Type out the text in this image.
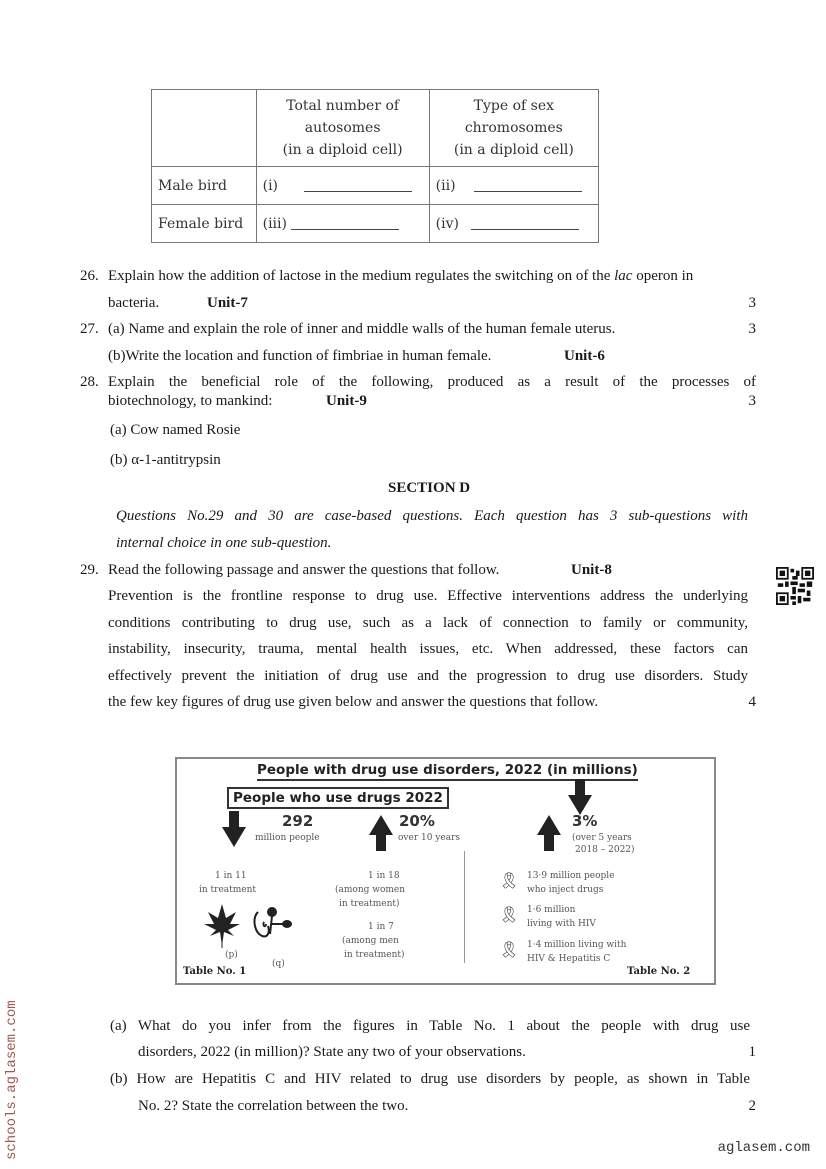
	Total number of
autosomes
(in a diploid cell)	Type of sex
chromosomes
(in a diploid cell)
Male bird	(i)	(ii)
Female bird	(iii)	(iv)
26. Explain how the addition of lactose in the medium regulates the switching on of the lac operon in
bacteria.	Unit-7	3
27. (a) Name and explain the role of inner and middle walls of the human female uterus.	3
(b)Write the location and function of fimbriae in human female.	Unit-6
28. Explain the beneficial role of the following, produced as a result of the processes of
biotechnology, to mankind:	Unit-9	3
(a) Cow named Rosie
(b) α-1-antitrypsin
SECTION D
Questions No.29 and 30 are case-based questions. Each question has 3 sub-questions with
internal choice in one sub-question.
29. Read the following passage and answer the questions that follow.	Unit-8
Prevention is the frontline response to drug use. Effective interventions address the underlying
conditions contributing to drug use, such as a lack of connection to family or community,
instability, insecurity, trauma, mental health issues, etc. When addressed, these factors can
effectively prevent the initiation of drug use and the progression to drug use disorders. Study
the few key figures of drug use given below and answer the questions that follow.	4
People with drug use disorders, 2022 (in millions)
People who use drugs 2022
292
million people
20%
over 10 years
3%
(over 5 years
2018 – 2022)
1 in 11
in treatment
(p)
(q)
Table No. 1
1 in 18
(among women
in treatment)
1 in 7
(among men
in treatment)
🎗 13·9 million people
who inject drugs
🎗 1·6 million
living with HIV
🎗 1·4 million living with
HIV & Hepatitis C
Table No. 2
(a) What do you infer from the figures in Table No. 1 about the people with drug use
disorders, 2022 (in million)? State any two of your observations.	1
(b) How are Hepatitis C and HIV related to drug use disorders by people, as shown in Table
No. 2? State the correlation between the two.	2
schools.aglasem.com	aglasem.com
